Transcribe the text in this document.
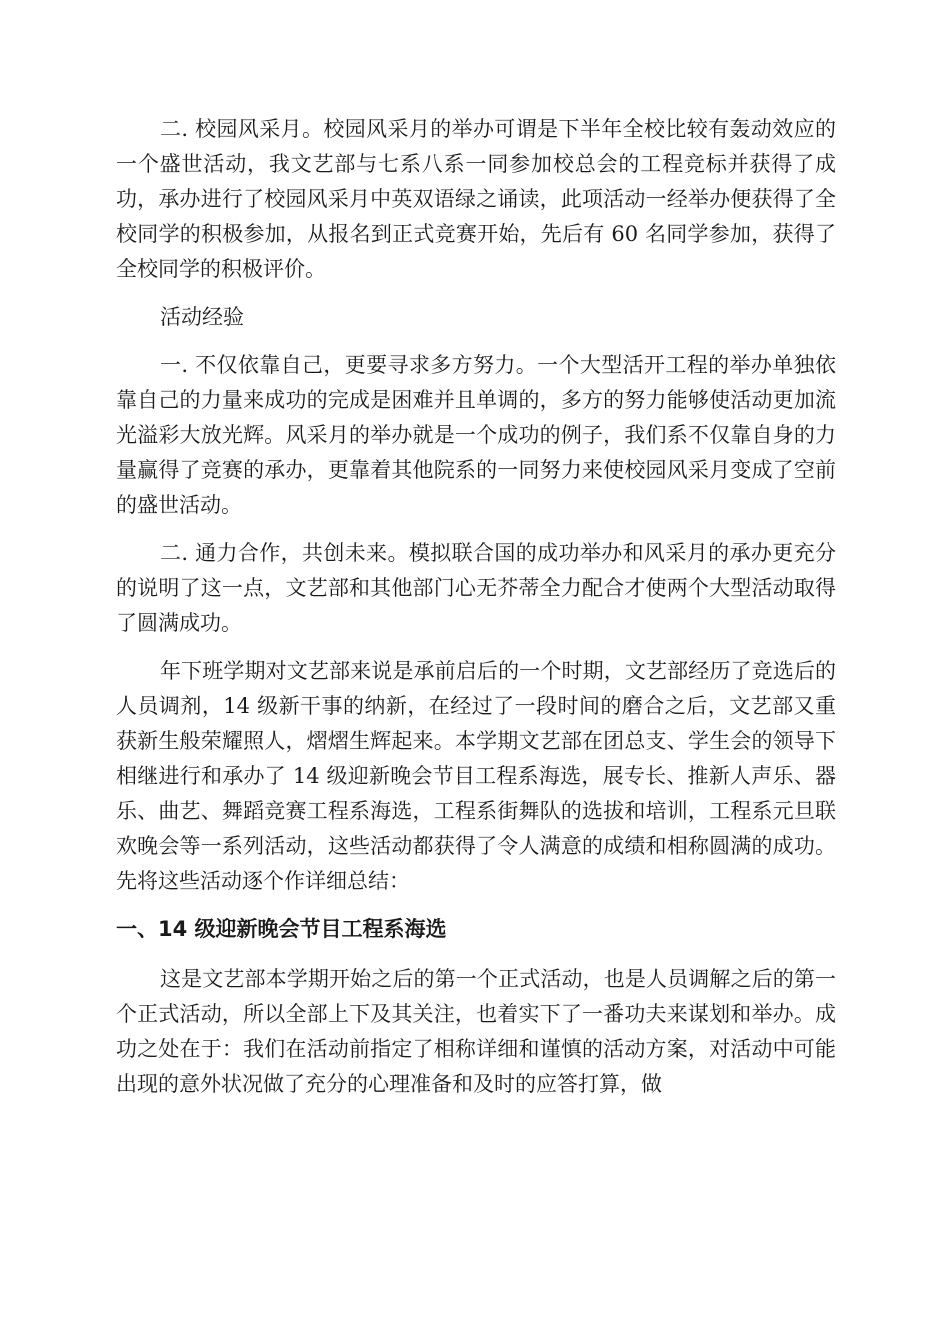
二. 校园风采月。校园风采月的举办可谓是下半年全校比较有轰动效应的一个盛世活动，我文艺部与七系八系一同参加校总会的工程竞标并获得了成功，承办进行了校园风采月中英双语绿之诵读，此项活动一经举办便获得了全校同学的积极参加，从报名到正式竞赛开始，先后有 60 名同学参加，获得了全校同学的积极评价。

活动经验

一. 不仅依靠自己，更要寻求多方努力。一个大型活开工程的举办单独依靠自己的力量来成功的完成是困难并且单调的，多方的努力能够使活动更加流光溢彩大放光辉。风采月的举办就是一个成功的例子，我们系不仅靠自身的力量赢得了竞赛的承办，更靠着其他院系的一同努力来使校园风采月变成了空前的盛世活动。

二. 通力合作，共创未来。模拟联合国的成功举办和风采月的承办更充分的说明了这一点，文艺部和其他部门心无芥蒂全力配合才使两个大型活动取得了圆满成功。

年下班学期对文艺部来说是承前启后的一个时期，文艺部经历了竞选后的人员调剂，14 级新干事的纳新，在经过了一段时间的磨合之后，文艺部又重获新生般荣耀照人，熠熠生辉起来。本学期文艺部在团总支、学生会的领导下相继进行和承办了 14 级迎新晚会节目工程系海选，展专长、推新人声乐、器乐、曲艺、舞蹈竞赛工程系海选，工程系街舞队的选拔和培训，工程系元旦联欢晚会等一系列活动，这些活动都获得了令人满意的成绩和相称圆满的成功。先将这些活动逐个作详细总结：

一、14 级迎新晚会节目工程系海选

这是文艺部本学期开始之后的第一个正式活动，也是人员调解之后的第一个正式活动，所以全部上下及其关注，也着实下了一番功夫来谋划和举办。成功之处在于：我们在活动前指定了相称详细和谨慎的活动方案，对活动中可能出现的意外状况做了充分的心理准备和及时的应答打算，做
